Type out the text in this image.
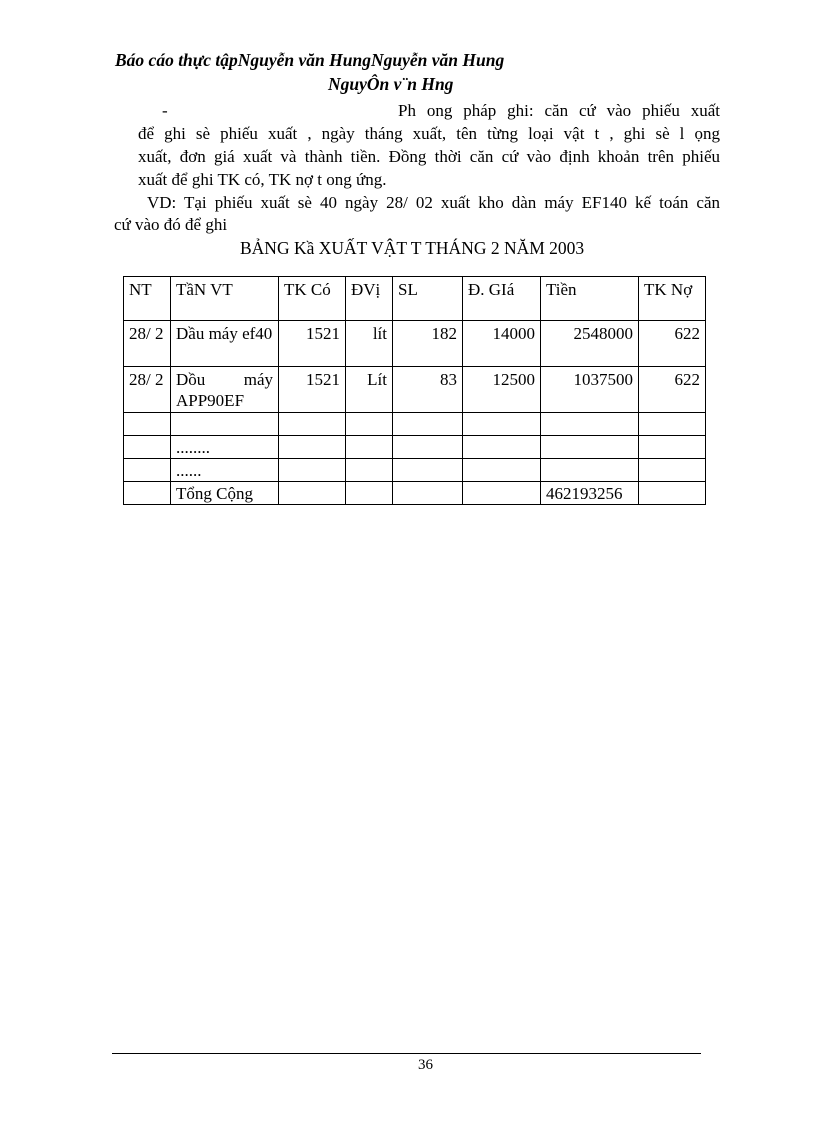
Báo cáo thực tậpNguyễn văn HungNguyễn văn Hung
NguyÔn v¨n Hng
-	Ph ong pháp ghi: căn cứ vào phiếu xuất
để ghi sè phiếu xuất , ngày tháng xuất, tên từng loại vật t , ghi sè l ọng
xuất, đơn giá xuất và thành tiền. Đồng thời căn cứ vào định khoản trên phiếu
xuất để ghi TK có, TK nợ t ong ứng.
VD: Tại phiếu xuất sè 40 ngày 28/ 02 xuất kho dàn máy EF140 kế toán căn
cứ vào đó để ghi
BẢNG Kầ XUẤT VẬT T THÁNG 2 NĂM 2003
NT	TầN VT	TK Có	ĐVị	SL	Đ. GIá	Tiền	TK Nợ
28/ 2	Dầu máy ef40	1521	lít	182	14000	2548000	622
28/ 2	Dồu máy APP90EF	1521	Lít	83	12500	1037500	622

	........						
	......						
	Tổng Cộng					462193256	
36
